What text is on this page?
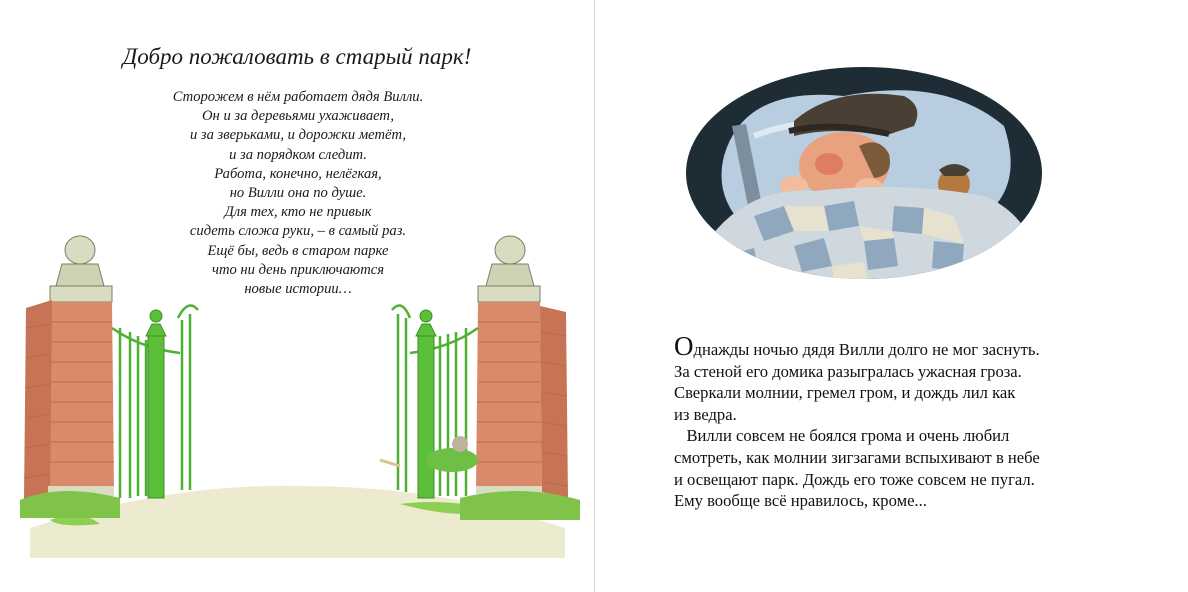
Добро пожаловать в старый парк!
Сторожем в нём работает дядя Вилли.
Он и за деревьями ухаживает,
и за зверьками, и дорожки метёт,
и за порядком следит.
Работа, конечно, нелёгкая,
но Вилли она по душе.
Для тех, кто не привык
сидеть сложа руки, – в самый раз.
Ещё бы, ведь в старом парке
что ни день приключаются
новые истории…
Однажды ночью дядя Вилли долго не мог заснуть.
За стеной его домика разыгралась ужасная гроза.
Сверкали молнии, гремел гром, и дождь лил как
из ведра.
Вилли совсем не боялся грома и очень любил
смотреть, как молнии зигзагами вспыхивают в небе
и освещают парк. Дождь его тоже совсем не пугал.
Ему вообще всё нравилось, кроме...
